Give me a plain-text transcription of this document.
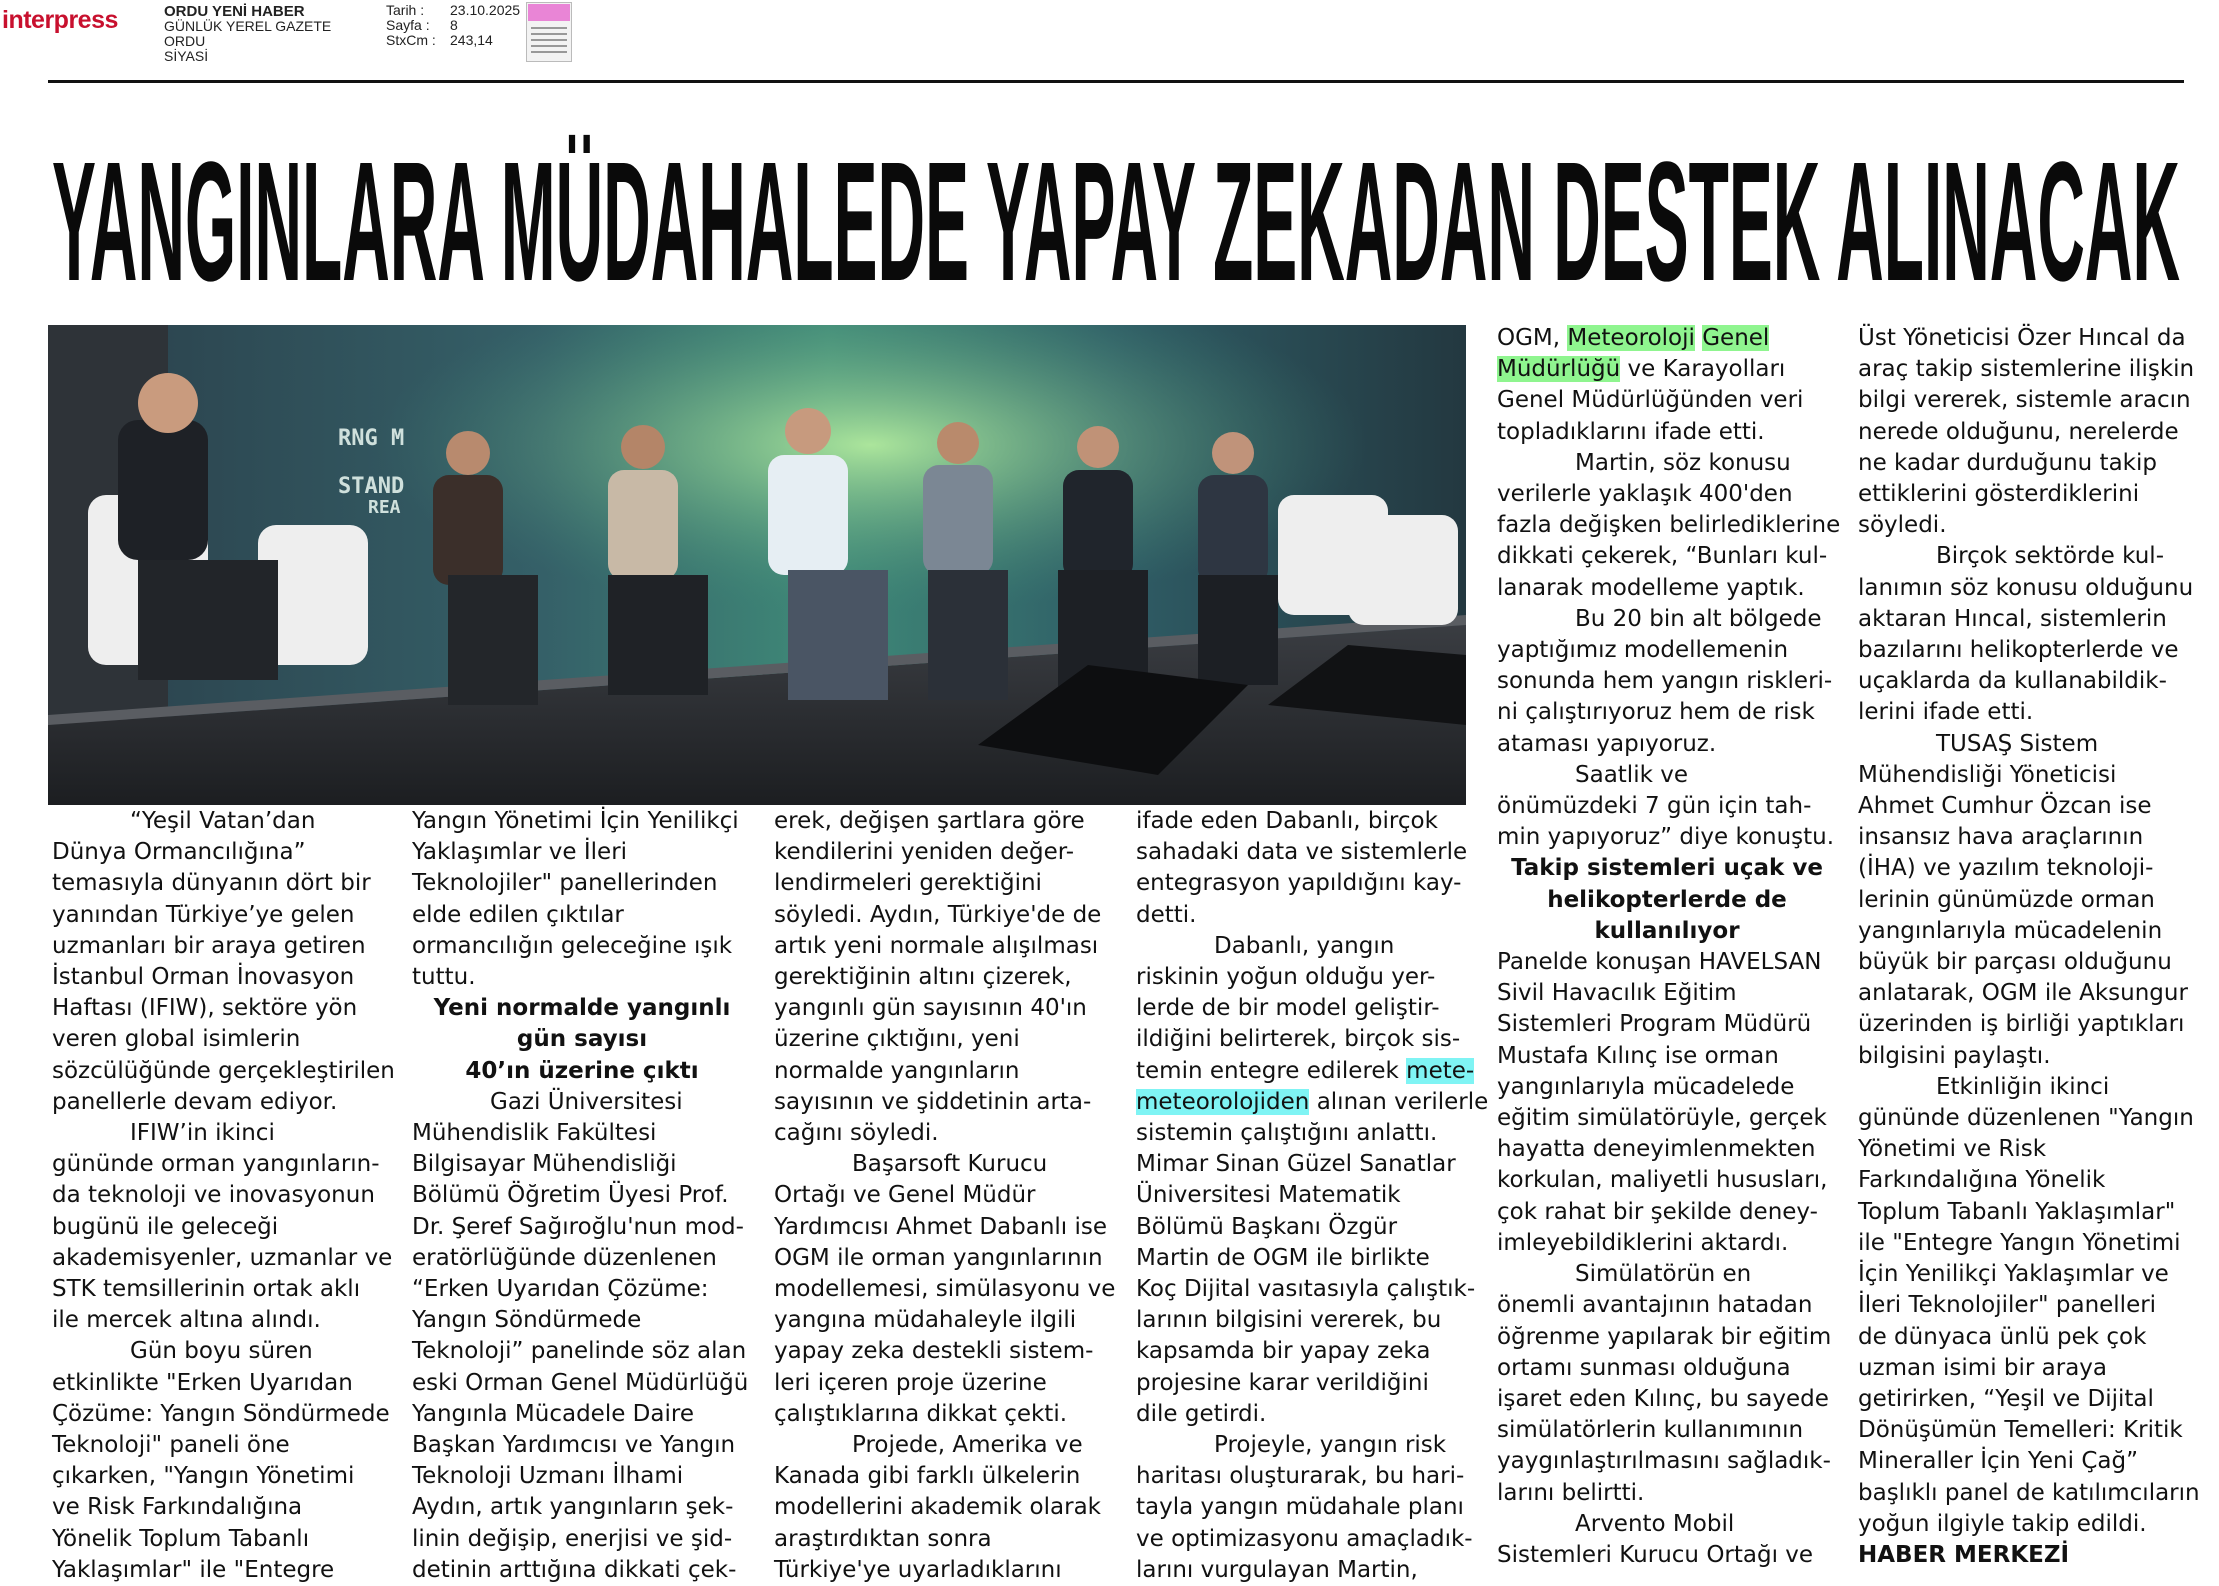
interpress	ORDU YENİ HABER
GÜNLÜK YEREL GAZETE
ORDU
SİYASİ
Tarih :	23.10.2025
Sayfa :	8
StxCm :	243,14
YANGINLARA MÜDAHALEDE YAPAY ZEKADAN DESTEK ALINACAK
RNG M
STAND
REA

“Yeşil Vatan’dan

Dünya Ormancılığına”

temasıyla dünyanın dört bir

yanından Türkiye’ye gelen

uzmanları bir araya getiren

İstanbul Orman İnovasyon

Haftası (IFIW), sektöre yön

veren global isimlerin

sözcülüğünde gerçekleştirilen

panellerle devam ediyor.

IFIW’in ikinci

gününde orman yangınların-

da teknoloji ve inovasyonun

bugünü ile geleceği

akademisyenler, uzmanlar ve

STK temsillerinin ortak aklı

ile mercek altına alındı.

Gün boyu süren

etkinlikte "Erken Uyarıdan

Çözüme: Yangın Söndürmede

Teknoloji" paneli öne

çıkarken, "Yangın Yönetimi

ve Risk Farkındalığına

Yönelik Toplum Tabanlı

Yaklaşımlar" ile "Entegre

Yangın Yönetimi İçin Yenilikçi

Yaklaşımlar ve İleri

Teknolojiler" panellerinden

elde edilen çıktılar

ormancılığın geleceğine ışık

tuttu.

Yeni normalde yangınlı

gün sayısı

40’ın üzerine çıktı

Gazi Üniversitesi

Mühendislik Fakültesi

Bilgisayar Mühendisliği

Bölümü Öğretim Üyesi Prof.

Dr. Şeref Sağıroğlu'nun mod-

eratörlüğünde düzenlenen

“Erken Uyarıdan Çözüme:

Yangın Söndürmede

Teknoloji” panelinde söz alan

eski Orman Genel Müdürlüğü

Yangınla Mücadele Daire

Başkan Yardımcısı ve Yangın

Teknoloji Uzmanı İlhami

Aydın, artık yangınların şek-

linin değişip, enerjisi ve şid-

detinin arttığına dikkati çek-

erek, değişen şartlara göre

kendilerini yeniden değer-

lendirmeleri gerektiğini

söyledi. Aydın, Türkiye'de de

artık yeni normale alışılması

gerektiğinin altını çizerek,

yangınlı gün sayısının 40'ın

üzerine çıktığını, yeni

normalde yangınların

sayısının ve şiddetinin arta-

cağını söyledi.

Başarsoft Kurucu

Ortağı ve Genel Müdür

Yardımcısı Ahmet Dabanlı ise

OGM ile orman yangınlarının

modellemesi, simülasyonu ve

yangına müdahaleyle ilgili

yapay zeka destekli sistem-

leri içeren proje üzerine

çalıştıklarına dikkat çekti.

Projede, Amerika ve

Kanada gibi farklı ülkelerin

modellerini akademik olarak

araştırdıktan sonra

Türkiye'ye uyarladıklarını

ifade eden Dabanlı, birçok

sahadaki data ve sistemlerle

entegrasyon yapıldığını kay-

detti.

Dabanlı, yangın

riskinin yoğun olduğu yer-

lerde de bir model geliştir-

ildiğini belirterek, birçok sis-

temin entegre edilerek mete-

meteorolojiden alınan verilerle

sistemin çalıştığını anlattı.

Mimar Sinan Güzel Sanatlar

Üniversitesi Matematik

Bölümü Başkanı Özgür

Martin de OGM ile birlikte

Koç Dijital vasıtasıyla çalıştık-

larının bilgisini vererek, bu

kapsamda bir yapay zeka

projesine karar verildiğini

dile getirdi.

Projeyle, yangın risk

haritası oluşturarak, bu hari-

tayla yangın müdahale planı

ve optimizasyonu amaçladık-

larını vurgulayan Martin,

OGM, Meteoroloji Genel

Müdürlüğü ve Karayolları

Genel Müdürlüğünden veri

topladıklarını ifade etti.

Martin, söz konusu

verilerle yaklaşık 400'den

fazla değişken belirlediklerine

dikkati çekerek, “Bunları kul-

lanarak modelleme yaptık.

Bu 20 bin alt bölgede

yaptığımız modellemenin

sonunda hem yangın riskleri-

ni çalıştırıyoruz hem de risk

ataması yapıyoruz.

Saatlik ve

önümüzdeki 7 gün için tah-

min yapıyoruz” diye konuştu.

Takip sistemleri uçak ve

helikopterlerde de

kullanılıyor

Panelde konuşan HAVELSAN

Sivil Havacılık Eğitim

Sistemleri Program Müdürü

Mustafa Kılınç ise orman

yangınlarıyla mücadelede

eğitim simülatörüyle, gerçek

hayatta deneyimlenmekten

korkulan, maliyetli hususları,

çok rahat bir şekilde deney-

imleyebildiklerini aktardı.

Simülatörün en

önemli avantajının hatadan

öğrenme yapılarak bir eğitim

ortamı sunması olduğuna

işaret eden Kılınç, bu sayede

simülatörlerin kullanımının

yaygınlaştırılmasını sağladık-

larını belirtti.

Arvento Mobil

Sistemleri Kurucu Ortağı ve

Üst Yöneticisi Özer Hıncal da

araç takip sistemlerine ilişkin

bilgi vererek, sistemle aracın

nerede olduğunu, nerelerde

ne kadar durduğunu takip

ettiklerini gösterdiklerini

söyledi.

Birçok sektörde kul-

lanımın söz konusu olduğunu

aktaran Hıncal, sistemlerin

bazılarını helikopterlerde ve

uçaklarda da kullanabildik-

lerini ifade etti.

TUSAŞ Sistem

Mühendisliği Yöneticisi

Ahmet Cumhur Özcan ise

insansız hava araçlarının

(İHA) ve yazılım teknoloji-

lerinin günümüzde orman

yangınlarıyla mücadelenin

büyük bir parçası olduğunu

anlatarak, OGM ile Aksungur

üzerinden iş birliği yaptıkları

bilgisini paylaştı.

Etkinliğin ikinci

gününde düzenlenen "Yangın

Yönetimi ve Risk

Farkındalığına Yönelik

Toplum Tabanlı Yaklaşımlar"

ile "Entegre Yangın Yönetimi

İçin Yenilikçi Yaklaşımlar ve

İleri Teknolojiler" panelleri

de dünyaca ünlü pek çok

uzman isimi bir araya

getirirken, “Yeşil ve Dijital

Dönüşümün Temelleri: Kritik

Mineraller İçin Yeni Çağ”

başlıklı panel de katılımcıların

yoğun ilgiyle takip edildi.

HABER MERKEZİ
